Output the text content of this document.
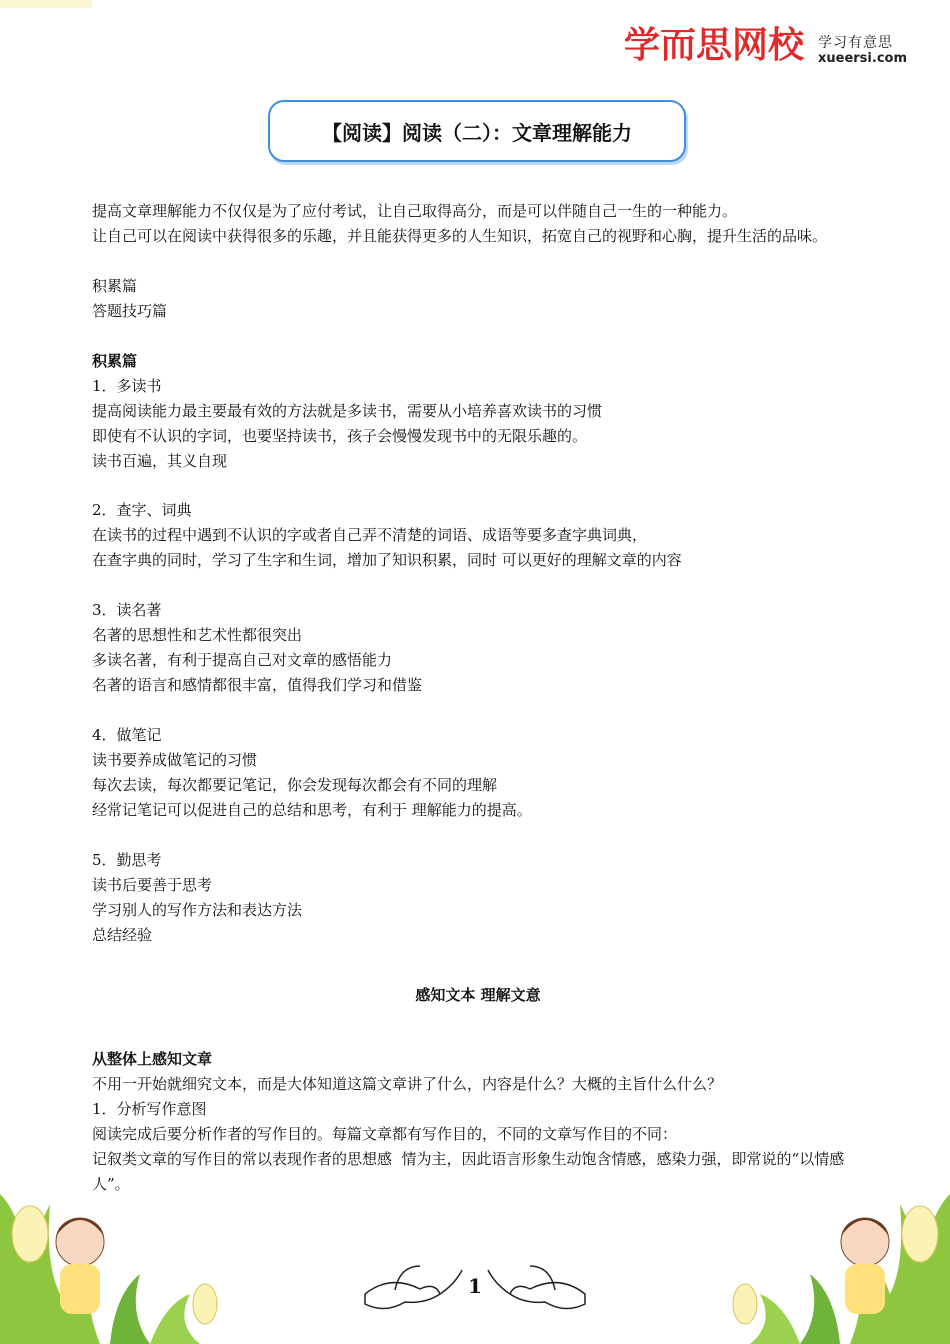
学而思网校 学习有意思
xueersi.com
【阅读】阅读（二）：文章理解能力

提高文章理解能力不仅仅是为了应付考试，让自己取得高分，而是可以伴随自己一生的一种能力。

让自己可以在阅读中获得很多的乐趣，并且能获得更多的人生知识，拓宽自己的视野和心胸，提升生活的品味。

积累篇

答题技巧篇

积累篇

1．多读书

提高阅读能力最主要最有效的方法就是多读书，需要从小培养喜欢读书的习惯

即使有不认识的字词，也要坚持读书，孩子会慢慢发现书中的无限乐趣的。

读书百遍，其义自现

2．查字、词典

在读书的过程中遇到不认识的字或者自己弄不清楚的词语、成语等要多查字典词典，

在查字典的同时，学习了生字和生词，增加了知识积累，同时 可以更好的理解文章的内容

3．读名著

名著的思想性和艺术性都很突出

多读名著，有利于提高自己对文章的感悟能力

名著的语言和感情都很丰富，值得我们学习和借鉴

4．做笔记

读书要养成做笔记的习惯

每次去读，每次都要记笔记，你会发现每次都会有不同的理解

经常记笔记可以促进自己的总结和思考，有利于 理解能力的提高。

5．勤思考

读书后要善于思考

学习别人的写作方法和表达方法

总结经验

感知文本 理解文意

从整体上感知文章

不用一开始就细究文本，而是大体知道这篇文章讲了什么，内容是什么？大概的主旨什么什么？

1．分析写作意图

阅读完成后要分析作者的写作目的。每篇文章都有写作目的，不同的文章写作目的不同：

记叙类文章的写作目的常以表现作者的思想感  情为主，因此语言形象生动饱含情感，感染力强，即常说的“以情感人”。

1
